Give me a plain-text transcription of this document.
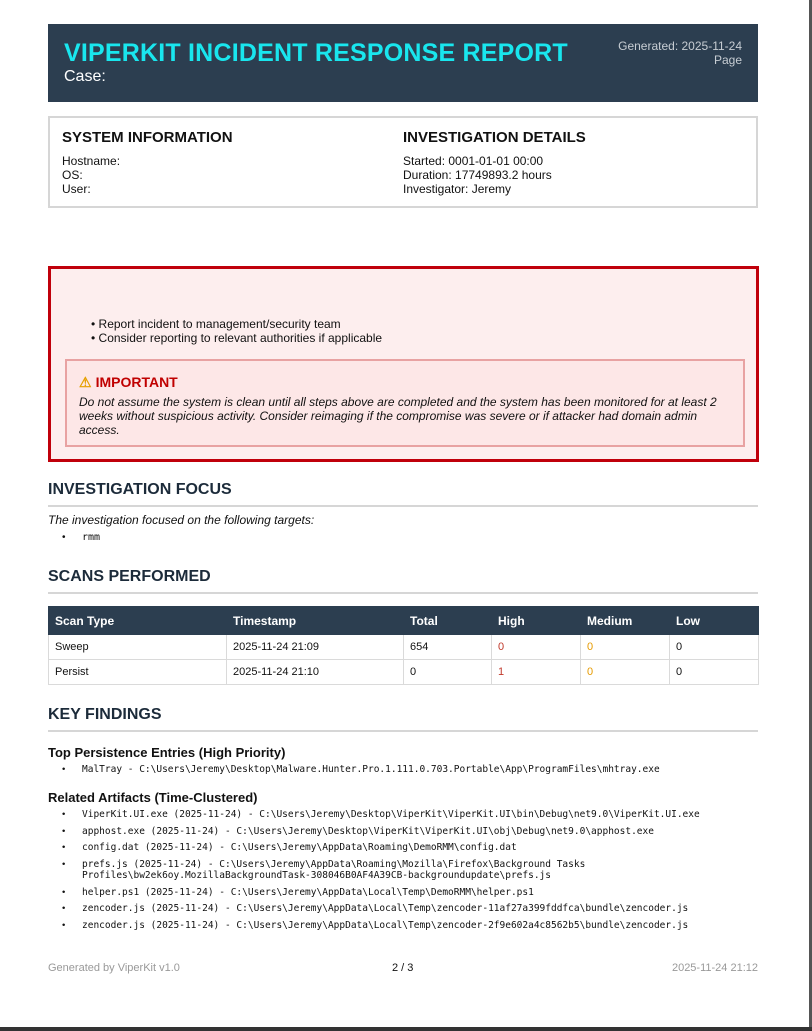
VIPERKIT INCIDENT RESPONSE REPORT
Case:
Generated: 2025-11-24
Page
SYSTEM INFORMATION
Hostname:
OS:
User:
INVESTIGATION DETAILS
Started: 0001-01-01 00:00
Duration: 17749893.2 hours
Investigator: Jeremy
• Report incident to management/security team
• Consider reporting to relevant authorities if applicable
⚠ IMPORTANT
Do not assume the system is clean until all steps above are completed and the system has been monitored for at least 2 weeks without suspicious activity. Consider reimaging if the compromise was severe or if attacker had domain admin access.
INVESTIGATION FOCUS
The investigation focused on the following targets:
• rmm
SCANS PERFORMED
Scan Type	Timestamp	Total	High	Medium	Low
Sweep	2025-11-24 21:09	654	0	0	0
Persist	2025-11-24 21:10	0	1	0	0
KEY FINDINGS
Top Persistence Entries (High Priority)
• MalTray - C:\Users\Jeremy\Desktop\Malware.Hunter.Pro.1.111.0.703.Portable\App\ProgramFiles\mhtray.exe
Related Artifacts (Time-Clustered)
• ViperKit.UI.exe (2025-11-24) - C:\Users\Jeremy\Desktop\ViperKit\ViperKit.UI\bin\Debug\net9.0\ViperKit.UI.exe
• apphost.exe (2025-11-24) - C:\Users\Jeremy\Desktop\ViperKit\ViperKit.UI\obj\Debug\net9.0\apphost.exe
• config.dat (2025-11-24) - C:\Users\Jeremy\AppData\Roaming\DemoRMM\config.dat
• prefs.js (2025-11-24) - C:\Users\Jeremy\AppData\Roaming\Mozilla\Firefox\Background Tasks Profiles\bw2ek6oy.MozillaBackgroundTask-308046B0AF4A39CB-backgroundupdate\prefs.js
• helper.ps1 (2025-11-24) - C:\Users\Jeremy\AppData\Local\Temp\DemoRMM\helper.ps1
• zencoder.js (2025-11-24) - C:\Users\Jeremy\AppData\Local\Temp\zencoder-11af27a399fddfca\bundle\zencoder.js
• zencoder.js (2025-11-24) - C:\Users\Jeremy\AppData\Local\Temp\zencoder-2f9e602a4c8562b5\bundle\zencoder.js
Generated by ViperKit v1.0	2 / 3	2025-11-24 21:12
